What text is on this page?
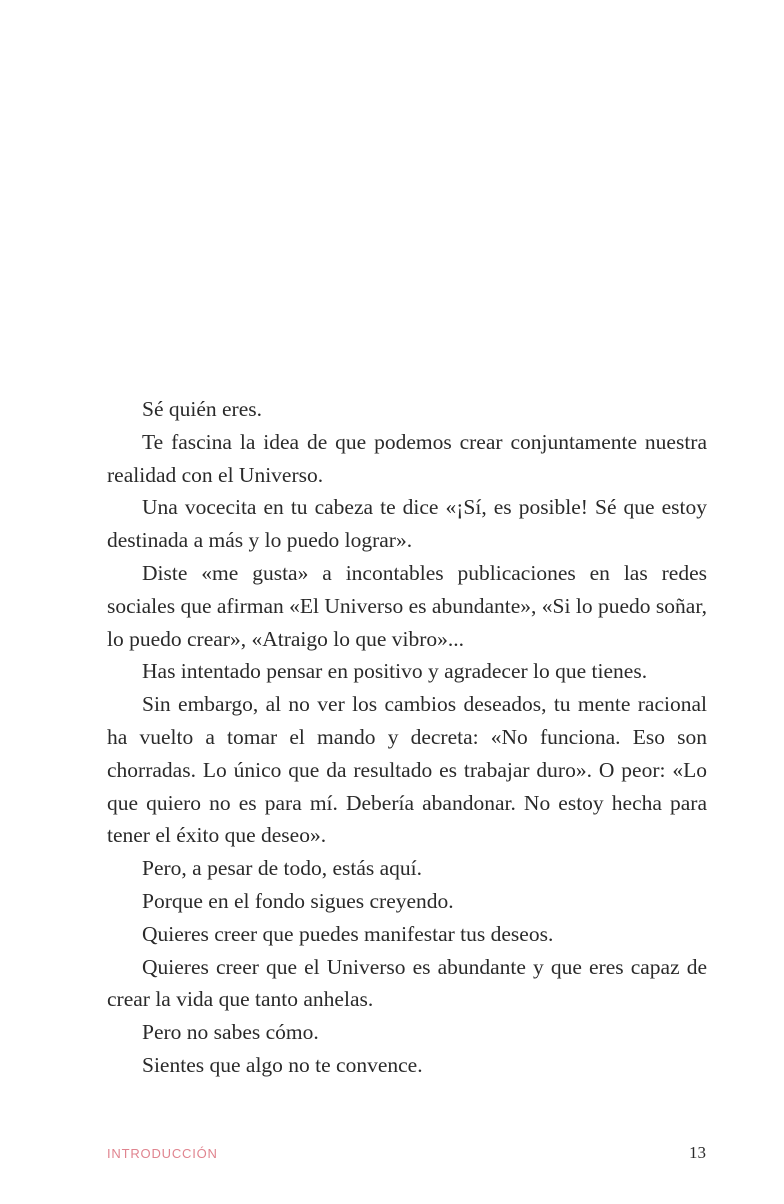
Sé quién eres.

Te fascina la idea de que podemos crear conjuntamente nuestra realidad con el Universo.

Una vocecita en tu cabeza te dice «¡Sí, es posible! Sé que estoy destinada a más y lo puedo lograr».

Diste «me gusta» a incontables publicaciones en las redes sociales que afirman «El Universo es abundante», «Si lo puedo soñar, lo puedo crear», «Atraigo lo que vibro»...

Has intentado pensar en positivo y agradecer lo que tienes.

Sin embargo, al no ver los cambios deseados, tu mente racional ha vuelto a tomar el mando y decreta: «No funciona. Eso son chorradas. Lo único que da resultado es trabajar duro». O peor: «Lo que quiero no es para mí. Debería abandonar. No estoy hecha para tener el éxito que deseo».

Pero, a pesar de todo, estás aquí.

Porque en el fondo sigues creyendo.

Quieres creer que puedes manifestar tus deseos.

Quieres creer que el Universo es abundante y que eres capaz de crear la vida que tanto anhelas.

Pero no sabes cómo.

Sientes que algo no te convence.

INTRODUCCIÓN	13
